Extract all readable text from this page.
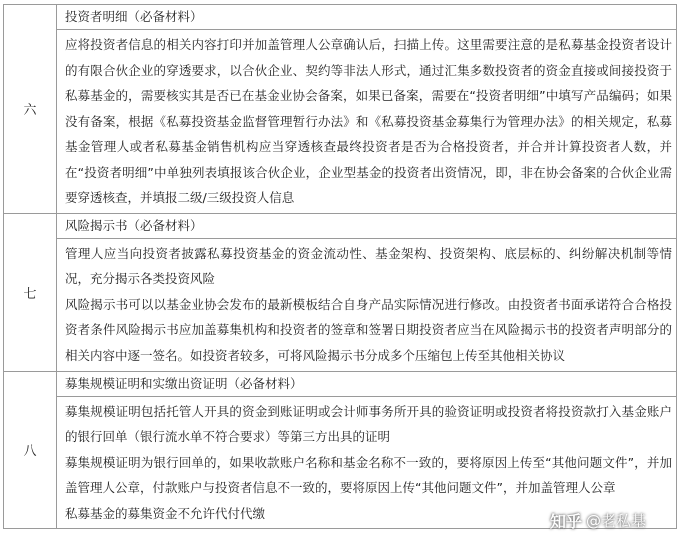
六	投资者明细（必备材料）

	应将投资者信息的相关内容打印并加盖管理人公章确认后，扫描上传。这里需要注意的是私募基金投资者设计的有限合伙企业的穿透要求，以合伙企业、契约等非法人形式，通过汇集多数投资者的资金直接或间接投资于私募基金的，需要核实其是否已在基金业协会备案，如果已备案，需要在“投资者明细”中填写产品编码；如果没有备案，根据《私募投资基金监督管理暂行办法》和《私募投资基金募集行为管理办法》的相关规定，私募基金管理人或者私募基金销售机构应当穿透核查最终投资者是否为合格投资者，并合并计算投资者人数，并在“投资者明细”中单独列表填报该合伙企业，企业型基金的投资者出资情况，即，非在协会备案的合伙企业需要穿透核查，并填报二级/三级投资人信息

七	风险揭示书（必备材料）

	管理人应当向投资者披露私募投资基金的资金流动性、基金架构、投资架构、底层标的、纠纷解决机制等情况，充分揭示各类投资风险

风险揭示书可以以基金业协会发布的最新模板结合自身产品实际情况进行修改。由投资者书面承诺符合合格投资者条件风险揭示书应加盖募集机构和投资者的签章和签署日期投资者应当在风险揭示书的投资者声明部分的相关内容中逐一签名。如投资者较多，可将风险揭示书分成多个压缩包上传至其他相关协议

八	募集规模证明和实缴出资证明（必备材料）

	募集规模证明包括托管人开具的资金到账证明或会计师事务所开具的验资证明或投资者将投资款打入基金账户的银行回单（银行流水单不符合要求）等第三方出具的证明

募集规模证明为银行回单的，如果收款账户名称和基金名称不一致的，要将原因上传至“其他问题文件”，并加盖管理人公章，付款账户与投资者信息不一致的，要将原因上传“其他问题文件”，并加盖管理人公章

私募基金的募集资金不允许代付代缴	知乎 @老私基
